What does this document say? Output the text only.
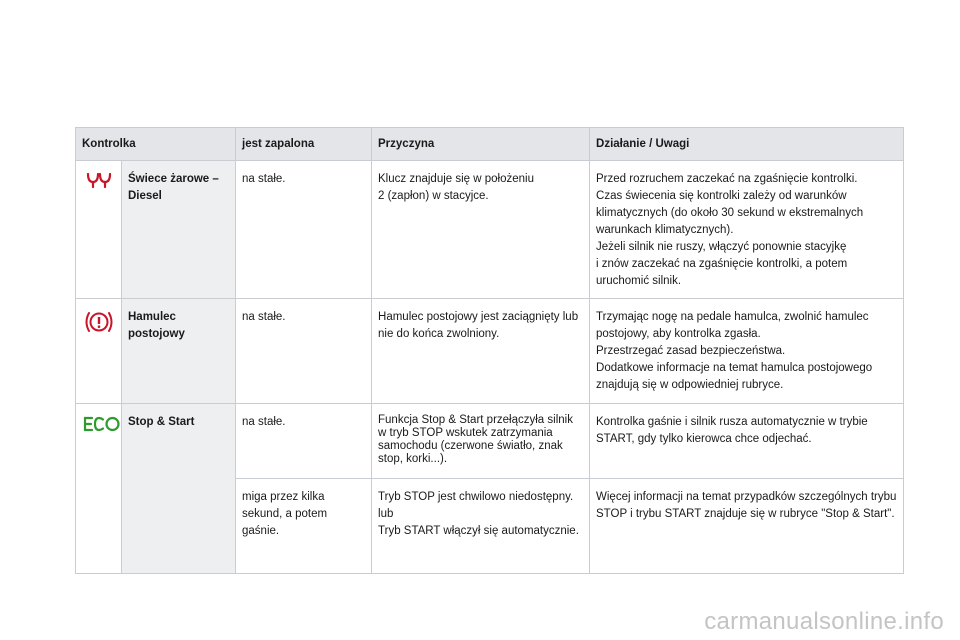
Kontrolka		jest zapalona	Przyczyna	Działanie / Uwagi
	Świece żarowe – Diesel	na stałe.	Klucz znajduje się w położeniu
2 (zapłon) w stacyjce.	Przed rozruchem zaczekać na zgaśnięcie kontrolki.
Czas świecenia się kontrolki zależy od warunków klimatycznych (do około 30 sekund w ekstremalnych warunkach klimatycznych).
Jeżeli silnik nie ruszy, włączyć ponownie stacyjkę
i znów zaczekać na zgaśnięcie kontrolki, a potem uruchomić silnik.
	Hamulec postojowy	na stałe.	Hamulec postojowy jest zaciągnięty lub nie do końca zwolniony.	Trzymając nogę na pedale hamulca, zwolnić hamulec postojowy, aby kontrolka zgasła.
Przestrzegać zasad bezpieczeństwa.
Dodatkowe informacje na temat hamulca postojowego znajdują się w odpowiedniej rubryce.
	Stop & Start	na stałe.	Funkcja Stop & Start przełączyła silnik w tryb STOP wskutek zatrzymania samochodu (czerwone światło, znak stop, korki...).	Kontrolka gaśnie i silnik rusza automatycznie w trybie START, gdy tylko kierowca chce odjechać.
		miga przez kilka sekund, a potem gaśnie.	Tryb STOP jest chwilowo niedostępny.
lub
Tryb START włączył się automatycznie.	Więcej informacji na temat przypadków szczególnych trybu STOP i trybu START znajduje się w rubryce "Stop & Start".
carmanualsonline.info
